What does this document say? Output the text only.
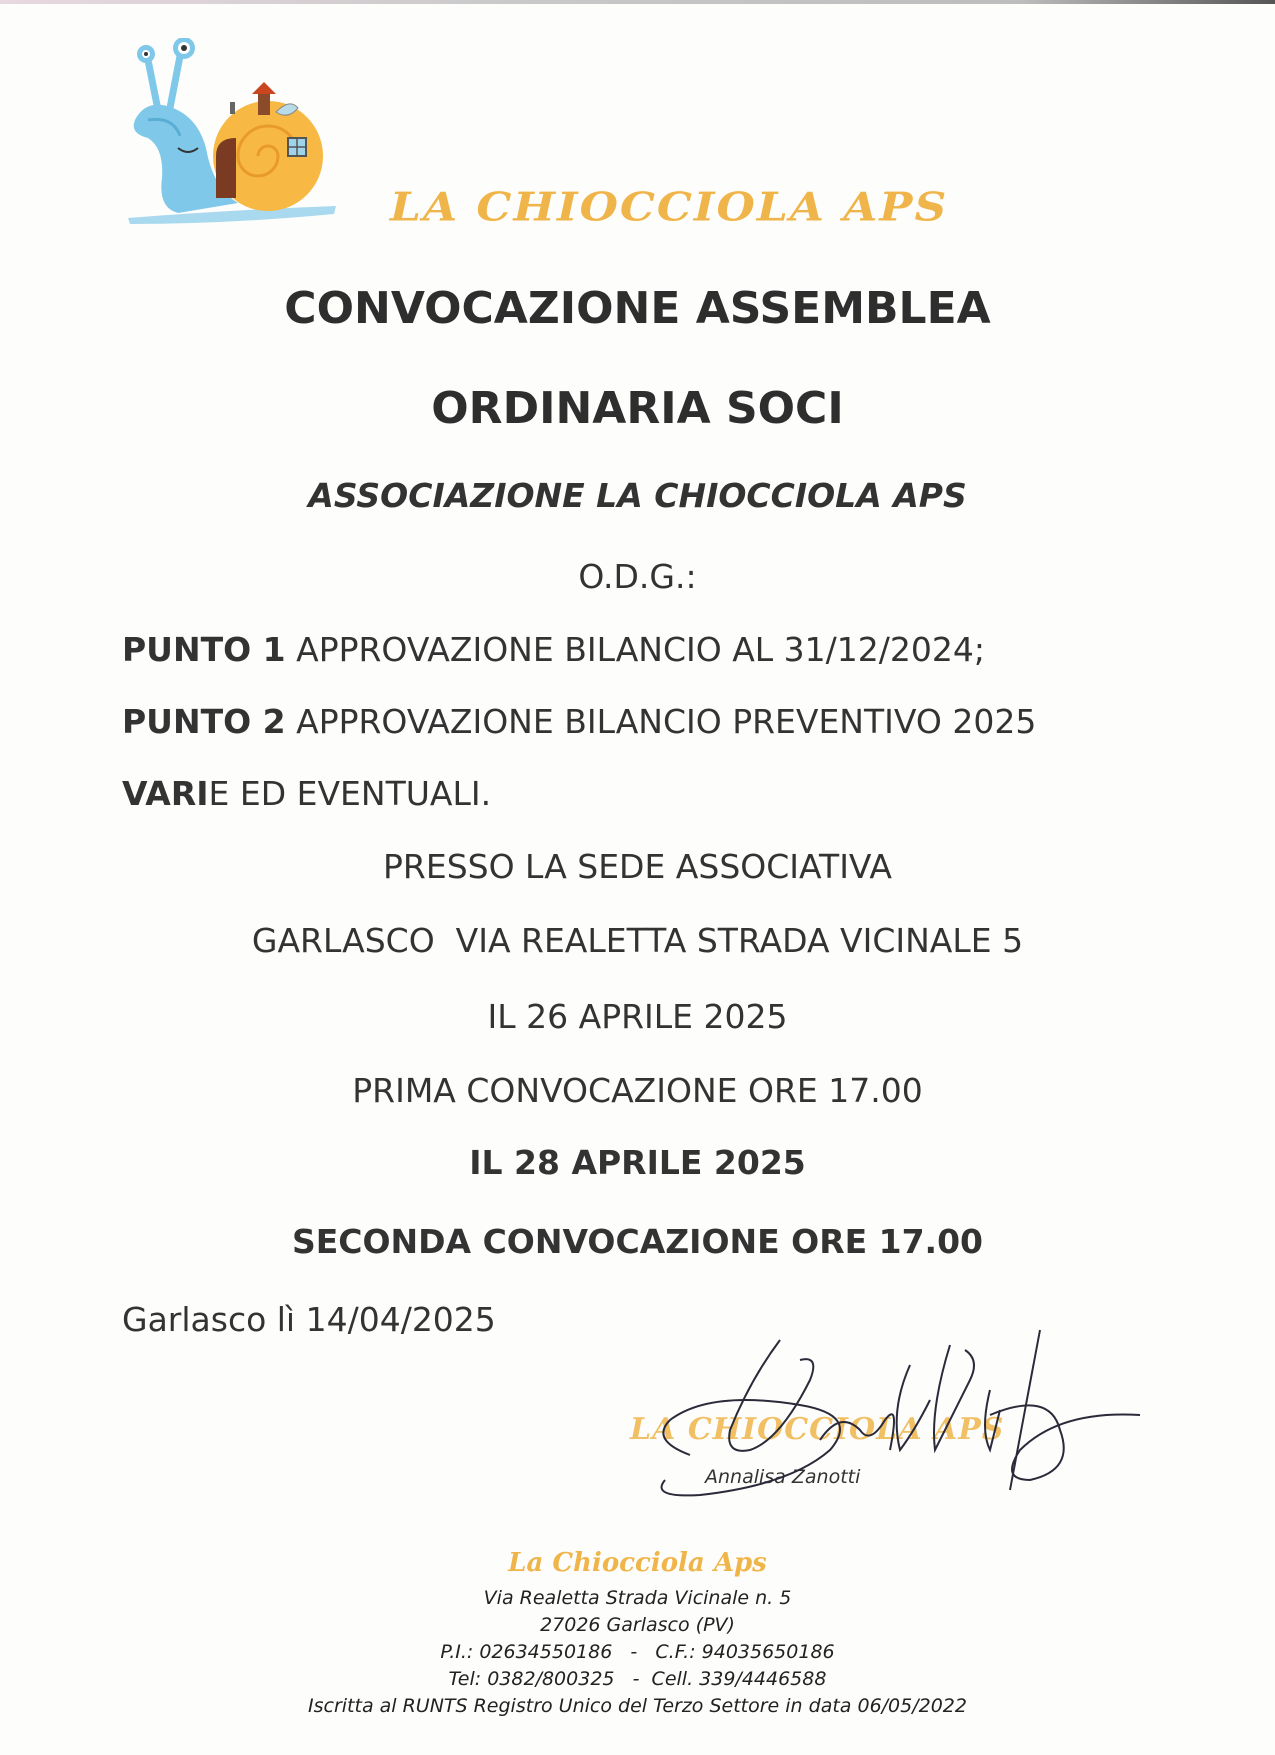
LA CHIOCCIOLA APS
CONVOCAZIONE ASSEMBLEA
ORDINARIA SOCI
ASSOCIAZIONE LA CHIOCCIOLA APS
O.D.G.:
PUNTO 1 APPROVAZIONE BILANCIO AL 31/12/2024;
PUNTO 2 APPROVAZIONE BILANCIO PREVENTIVO 2025
VARIE ED EVENTUALI.
PRESSO LA SEDE ASSOCIATIVA
GARLASCO  VIA REALETTA STRADA VICINALE 5
IL 26 APRILE 2025
PRIMA CONVOCAZIONE ORE 17.00
IL 28 APRILE 2025
SECONDA CONVOCAZIONE ORE 17.00
Garlasco lì 14/04/2025
LA CHIOCCIOLA APS
Annalisa Zanotti
La Chiocciola Aps
Via Realetta Strada Vicinale n. 5
27026 Garlasco (PV)
P.I.: 02634550186   -   C.F.: 94035650186
Tel: 0382/800325   -  Cell. 339/4446588
Iscritta al RUNTS Registro Unico del Terzo Settore in data 06/05/2022
